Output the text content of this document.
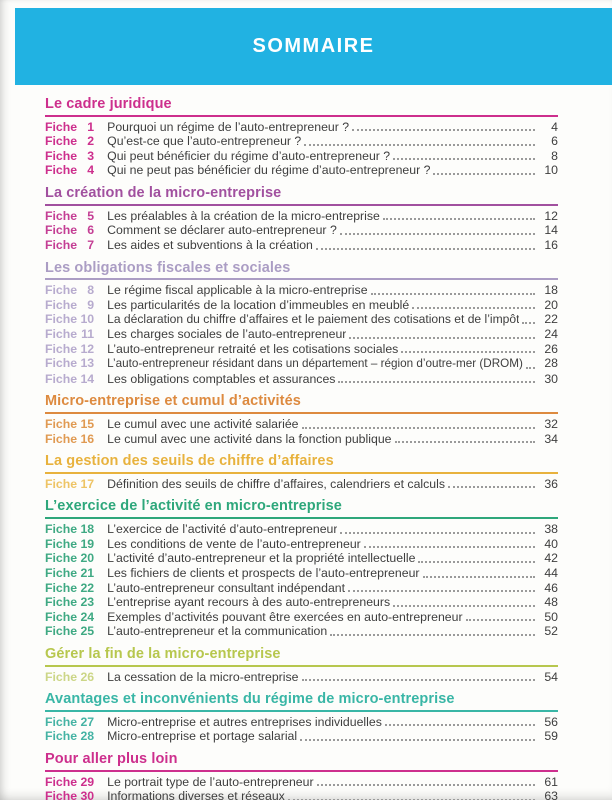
SOMMAIRE
Le cadre juridique
Fiche 1 Pourquoi un régime de l’auto-entrepreneur ?	4
Fiche 2 Qu’est-ce que l’auto-entrepreneur ?	6
Fiche 3 Qui peut bénéficier du régime d’auto-entrepreneur ?	8
Fiche 4 Qui ne peut pas bénéficier du régime d’auto-entrepreneur ?	10
La création de la micro-entreprise
Fiche 5 Les préalables à la création de la micro-entreprise	12
Fiche 6 Comment se déclarer auto-entrepreneur ?	14
Fiche 7 Les aides et subventions à la création	16
Les obligations fiscales et sociales
Fiche 8 Le régime fiscal applicable à la micro-entreprise	18
Fiche 9 Les particularités de la location d’immeubles en meublé	20
Fiche 10 La déclaration du chiffre d’affaires et le paiement des cotisations et de l’impôt	22
Fiche 11 Les charges sociales de l’auto-entrepreneur	24
Fiche 12 L’auto-entrepreneur retraité et les cotisations sociales	26
Fiche 13 L’auto-entrepreneur résidant dans un département – région d’outre-mer (DROM)	28
Fiche 14 Les obligations comptables et assurances	30
Micro-entreprise et cumul d’activités
Fiche 15 Le cumul avec une activité salariée	32
Fiche 16 Le cumul avec une activité dans la fonction publique	34
La gestion des seuils de chiffre d’affaires
Fiche 17 Définition des seuils de chiffre d’affaires, calendriers et calculs	36
L’exercice de l’activité en micro-entreprise
Fiche 18 L’exercice de l’activité d’auto-entrepreneur	38
Fiche 19 Les conditions de vente de l’auto-entrepreneur	40
Fiche 20 L’activité d’auto-entrepreneur et la propriété intellectuelle	42
Fiche 21 Les fichiers de clients et prospects de l’auto-entrepreneur	44
Fiche 22 L’auto-entrepreneur consultant indépendant	46
Fiche 23 L’entreprise ayant recours à des auto-entrepreneurs	48
Fiche 24 Exemples d’activités pouvant être exercées en auto-entrepreneur	50
Fiche 25 L’auto-entrepreneur et la communication	52
Gérer la fin de la micro-entreprise
Fiche 26 La cessation de la micro-entreprise	54
Avantages et inconvénients du régime de micro-entreprise
Fiche 27 Micro-entreprise et autres entreprises individuelles	56
Fiche 28 Micro-entreprise et portage salarial	59
Pour aller plus loin
Fiche 29 Le portrait type de l’auto-entrepreneur	61
Fiche 30 Informations diverses et réseaux	63
